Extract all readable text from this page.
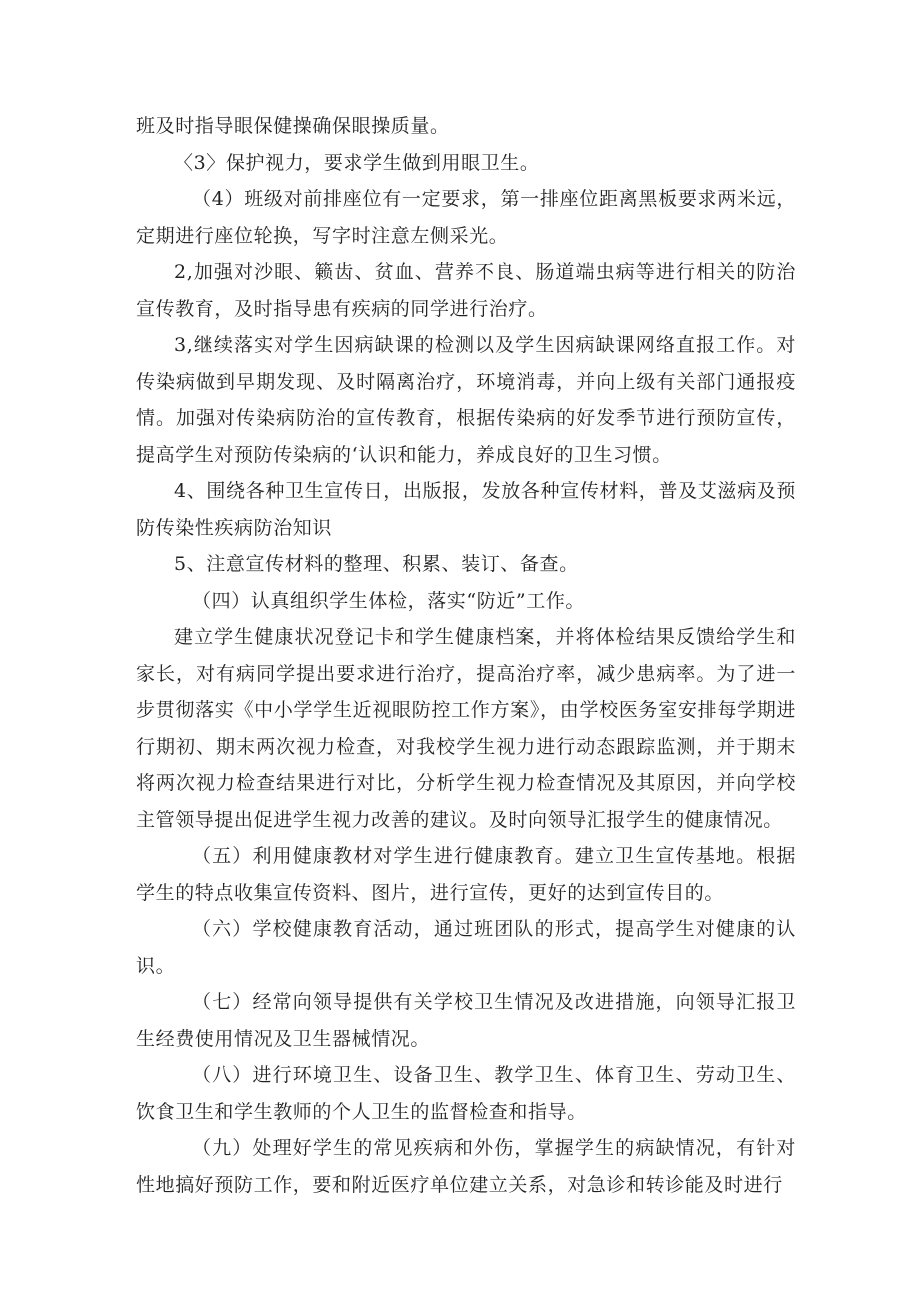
班及时指导眼保健操确保眼操质量。

〈3〉保护视力，要求学生做到用眼卫生。

（4）班级对前排座位有一定要求，第一排座位距离黑板要求两米远，定期进行座位轮换，写字时注意左侧采光。

2,加强对沙眼、籁齿、贫血、营养不良、肠道端虫病等进行相关的防治宣传教育，及时指导患有疾病的同学进行治疗。

3,继续落实对学生因病缺课的检测以及学生因病缺课网络直报工作。对传染病做到早期发现、及时隔离治疗，环境消毒，并向上级有关部门通报疫情。加强对传染病防治的宣传教育，根据传染病的好发季节进行预防宣传，提高学生对预防传染病的‘认识和能力，养成良好的卫生习惯。

4、围绕各种卫生宣传日，出版报，发放各种宣传材料，普及艾滋病及预防传染性疾病防治知识

5、注意宣传材料的整理、积累、装订、备查。

（四）认真组织学生体检，落实“防近”工作。

建立学生健康状况登记卡和学生健康档案，并将体检结果反馈给学生和家长，对有病同学提出要求进行治疗，提高治疗率，减少患病率。为了进一步贯彻落实《中小学学生近视眼防控工作方案》，由学校医务室安排每学期进行期初、期末两次视力检查，对我校学生视力进行动态跟踪监测，并于期末将两次视力检查结果进行对比，分析学生视力检查情况及其原因，并向学校主管领导提出促进学生视力改善的建议。及时向领导汇报学生的健康情况。

（五）利用健康教材对学生进行健康教育。建立卫生宣传基地。根据学生的特点收集宣传资料、图片，进行宣传，更好的达到宣传目的。

（六）学校健康教育活动，通过班团队的形式，提高学生对健康的认识。

（七）经常向领导提供有关学校卫生情况及改进措施，向领导汇报卫生经费使用情况及卫生器械情况。

（八）进行环境卫生、设备卫生、教学卫生、体育卫生、劳动卫生、饮食卫生和学生教师的个人卫生的监督检查和指导。

（九）处理好学生的常见疾病和外伤，掌握学生的病缺情况，有针对性地搞好预防工作，要和附近医疗单位建立关系，对急诊和转诊能及时进行
